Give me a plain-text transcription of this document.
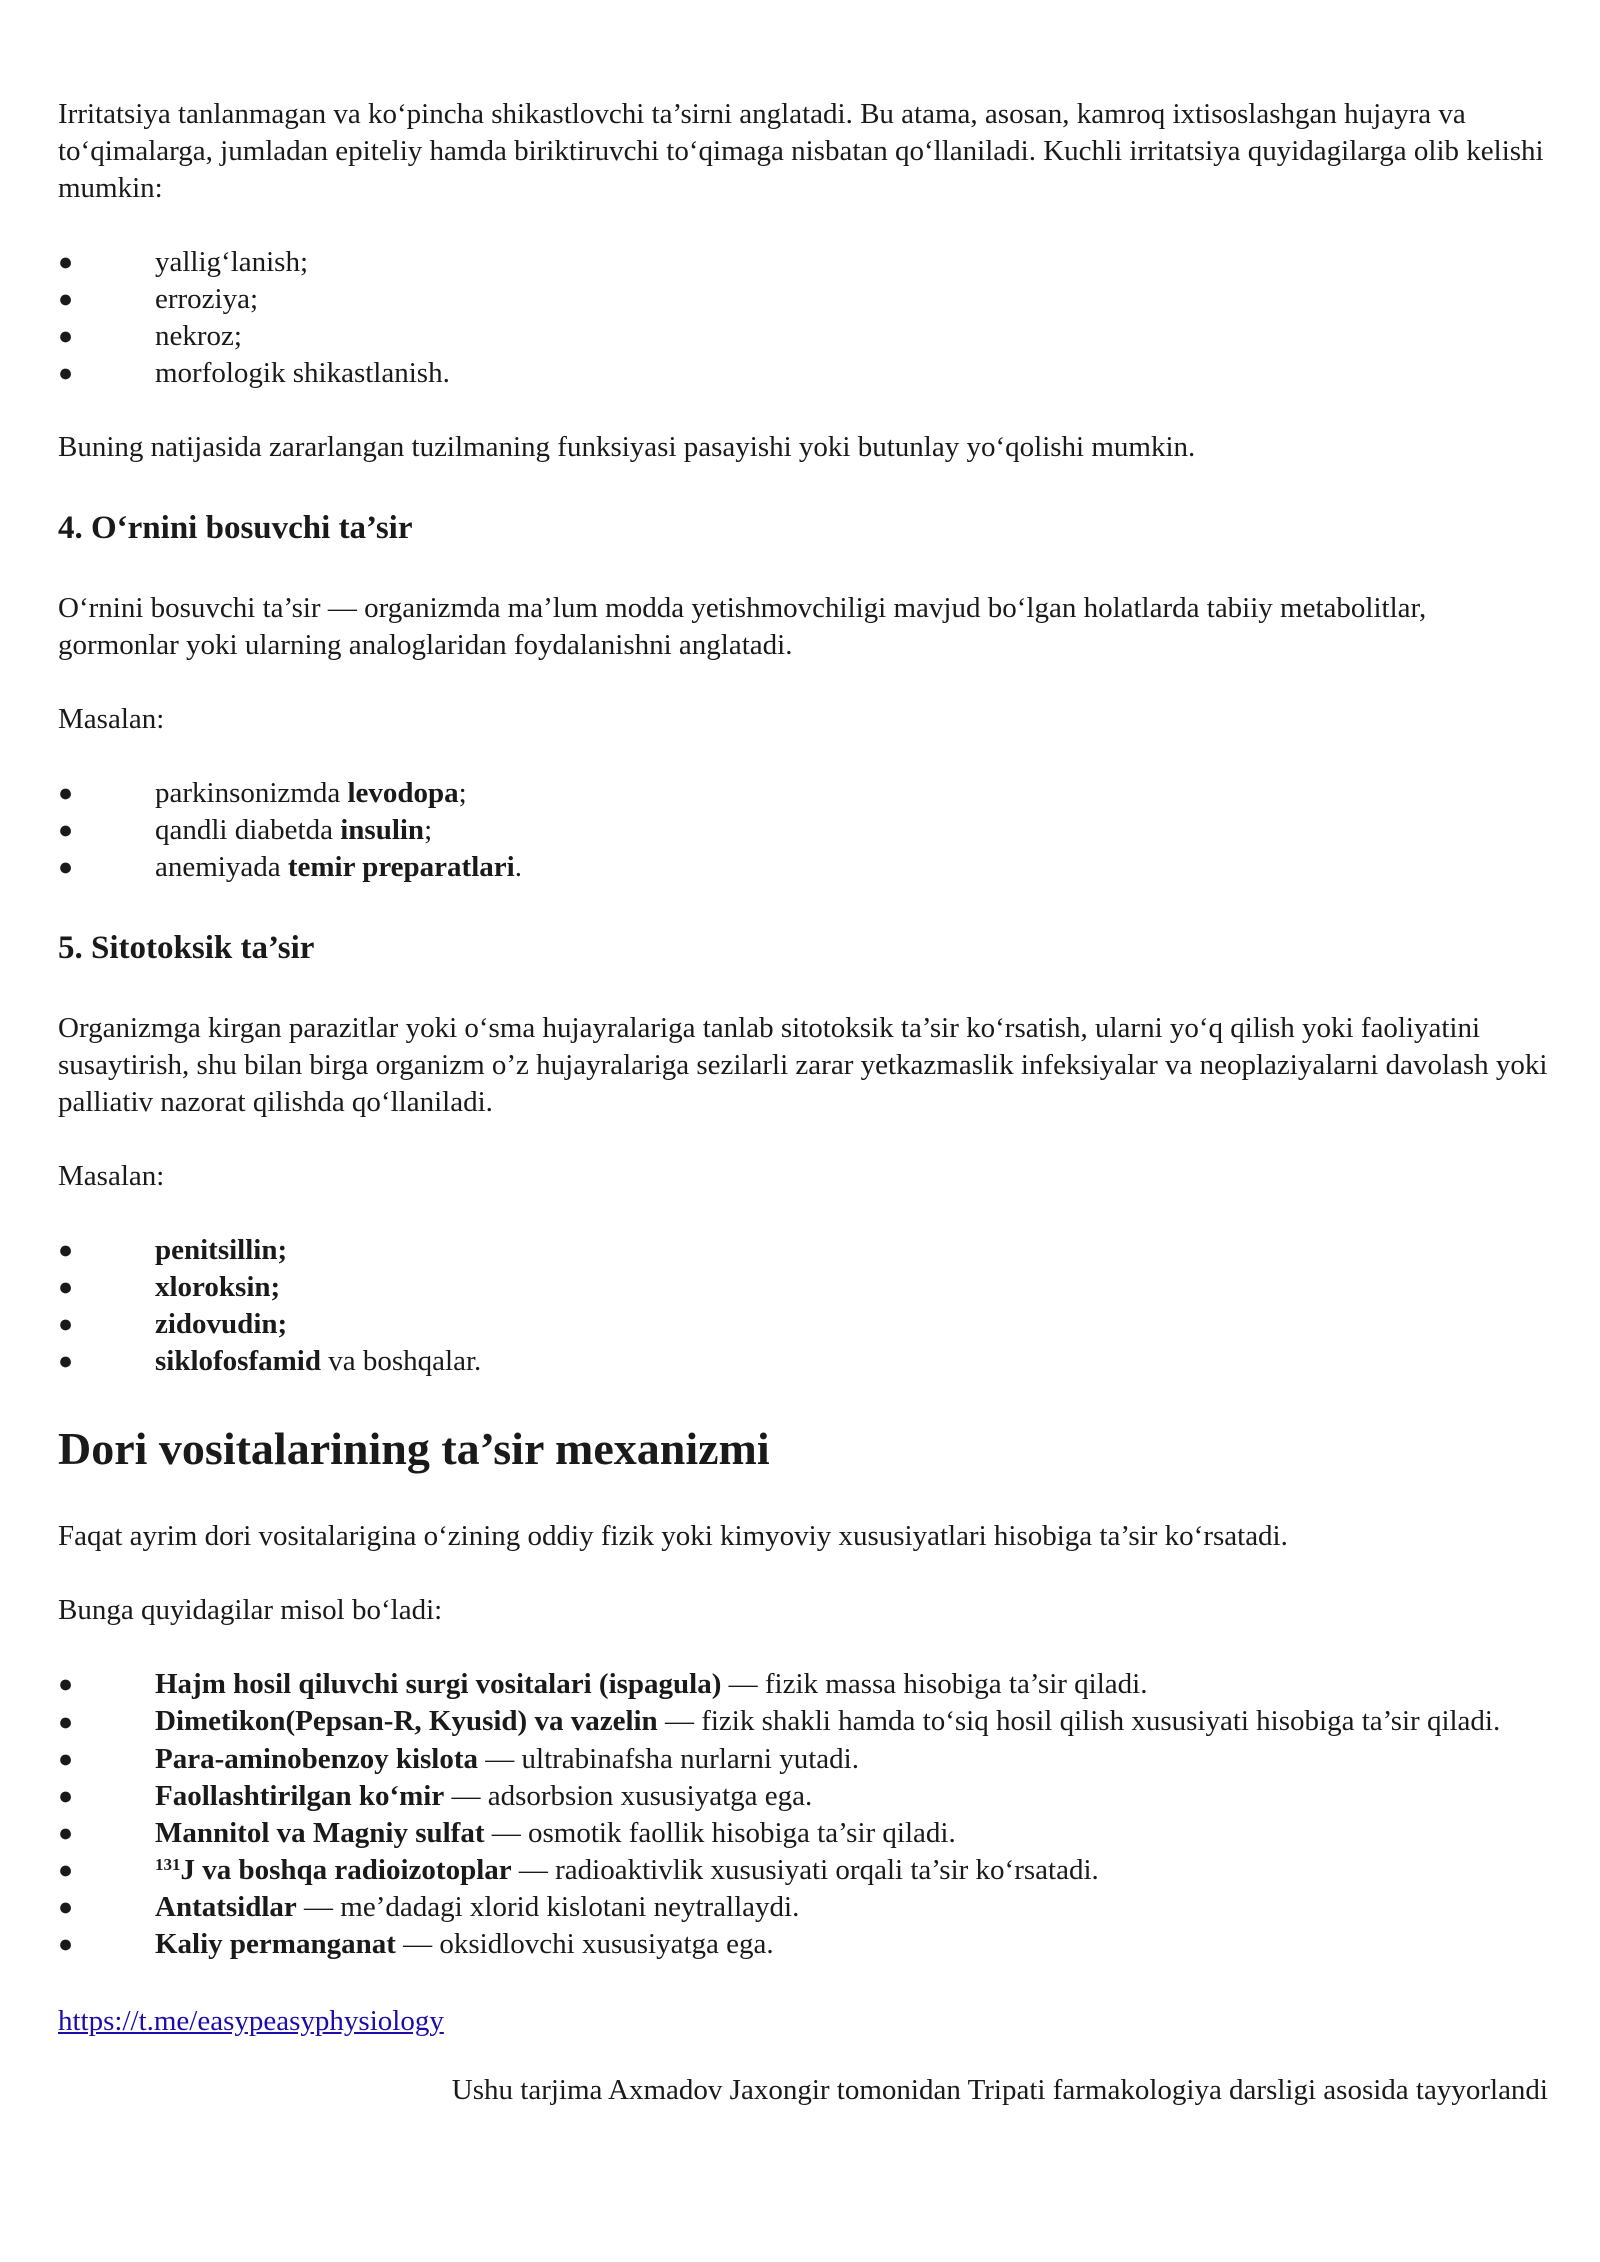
Irritatsiya tanlanmagan va ko‘pincha shikastlovchi ta’sirni anglatadi. Bu atama, asosan, kamroq ixtisoslashgan hujayra va to‘qimalarga, jumladan epiteliy hamda biriktiruvchi to‘qimaga nisbatan qo‘llaniladi. Kuchli irritatsiya quyidagilarga olib kelishi mumkin:

●	yallig‘lanish;
●	erroziya;
●	nekroz;
●	morfologik shikastlanish.

Buning natijasida zararlangan tuzilmaning funksiyasi pasayishi yoki butunlay yo‘qolishi mumkin.

4. O‘rnini bosuvchi ta’sir

O‘rnini bosuvchi ta’sir — organizmda ma’lum modda yetishmovchiligi mavjud bo‘lgan holatlarda tabiiy metabolitlar, gormonlar yoki ularning analoglaridan foydalanishni anglatadi.

Masalan:

●	parkinsonizmda levodopa;
●	qandli diabetda insulin;
●	anemiyada temir preparatlari.
5. Sitotoksik ta’sir

Organizmga kirgan parazitlar yoki o‘sma hujayralariga tanlab sitotoksik ta’sir ko‘rsatish, ularni yo‘q qilish yoki faoliyatini susaytirish, shu bilan birga organizm o’z hujayralariga sezilarli zarar yetkazmaslik infeksiyalar va neoplaziyalarni davolash yoki palliativ nazorat qilishda qo‘llaniladi.

Masalan:

●	penitsillin;
●	xloroksin;
●	zidovudin;
●	siklofosfamid va boshqalar.
Dori vositalarining ta’sir mexanizmi

Faqat ayrim dori vositalarigina o‘zining oddiy fizik yoki kimyoviy xususiyatlari hisobiga ta’sir ko‘rsatadi.

Bunga quyidagilar misol bo‘ladi:

●	Hajm hosil qiluvchi surgi vositalari (ispagula) — fizik massa hisobiga ta’sir qiladi.
●	Dimetikon(Pepsan-R, Kyusid) va vazelin — fizik shakli hamda to‘siq hosil qilish xususiyati hisobiga ta’sir qiladi.
●	Para-aminobenzoy kislota — ultrabinafsha nurlarni yutadi.
●	Faollashtirilgan ko‘mir — adsorbsion xususiyatga ega.
●	Mannitol va Magniy sulfat — osmotik faollik hisobiga ta’sir qiladi.
●	$^{131}$J va boshqa radioizotoplar — radioaktivlik xususiyati orqali ta’sir ko‘rsatadi.
●	Antatsidlar — me’dadagi xlorid kislotani neytrallaydi.
●	Kaliy permanganat — oksidlovchi xususiyatga ega.

https://t.me/easypeasyphysiology

Ushu tarjima Axmadov Jaxongir tomonidan Tripati farmakologiya darsligi asosida tayyorlandi
